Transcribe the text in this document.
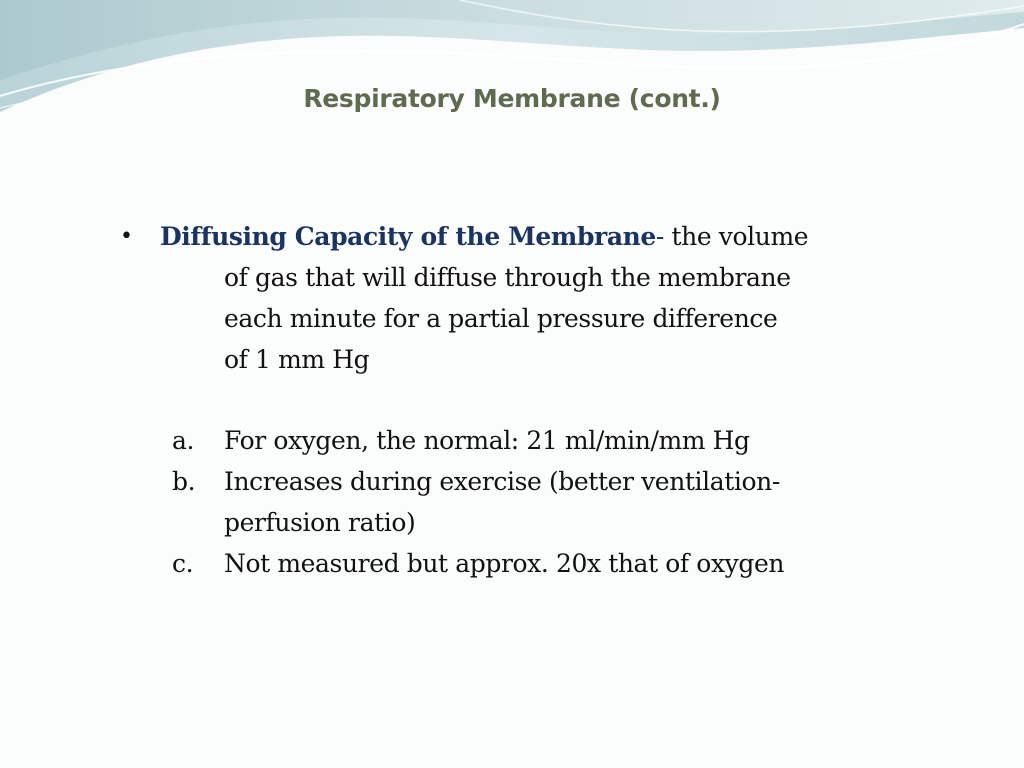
Respiratory Membrane (cont.)
• Diffusing Capacity of the Membrane- the volume
of gas that will diffuse through the membrane
each minute for a partial pressure difference
of 1 mm Hg
a. For oxygen, the normal: 21 ml/min/mm Hg
b. Increases during exercise (better ventilation-
perfusion ratio)
c. Not measured but approx. 20x that of oxygen
